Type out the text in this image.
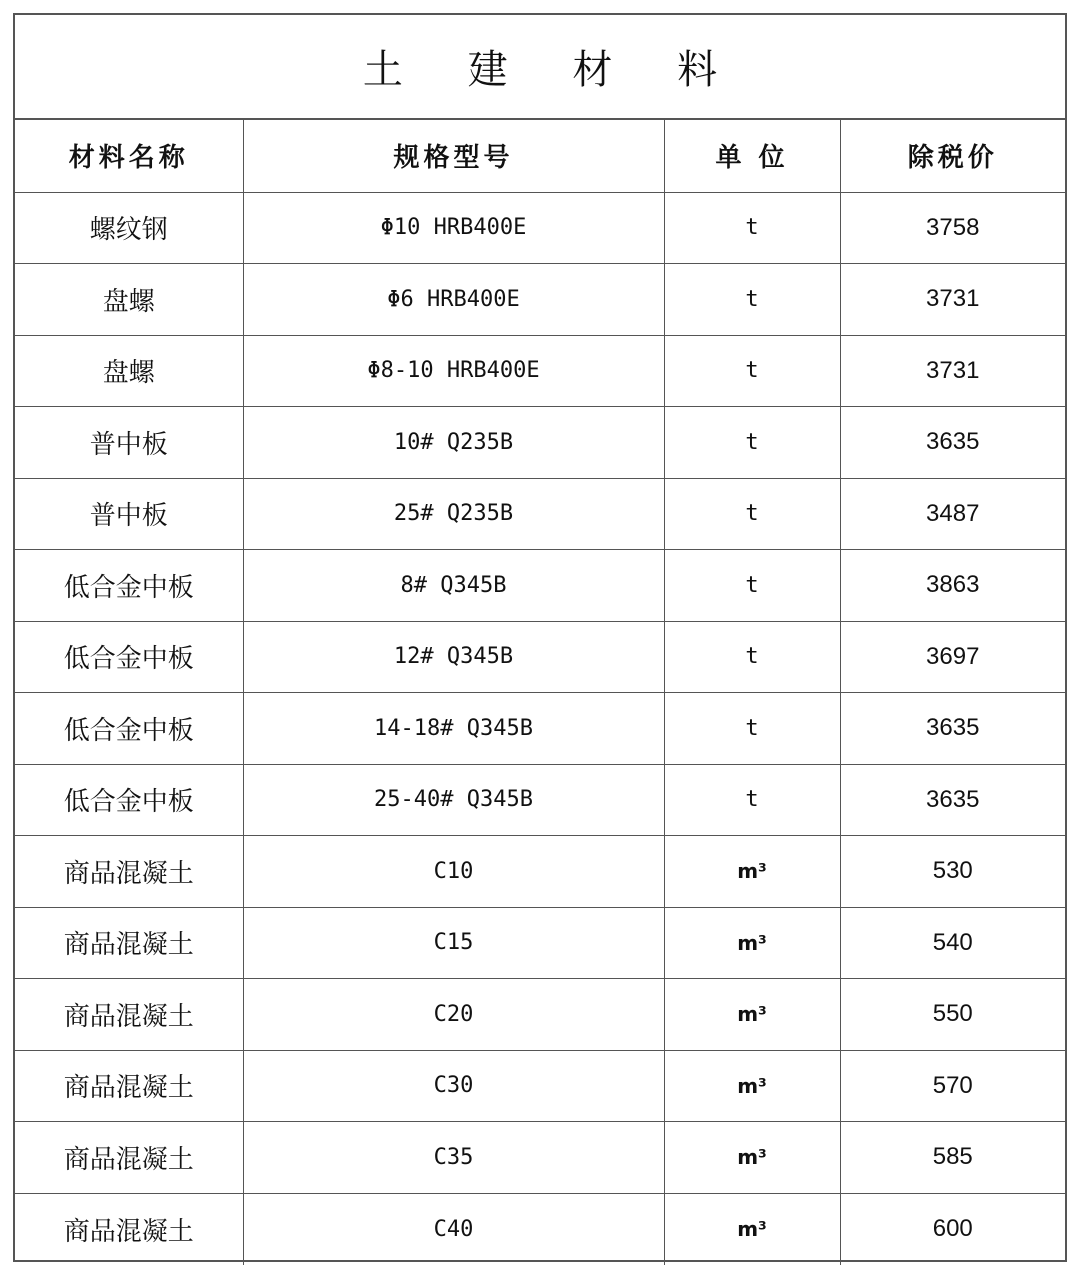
土 建 材 料
材料名称	规格型号	单 位	除税价
螺纹钢	Φ10 HRB400E	t	3758
盘螺	Φ6 HRB400E	t	3731
盘螺	Φ8-10 HRB400E	t	3731
普中板	10# Q235B	t	3635
普中板	25# Q235B	t	3487
低合金中板	8# Q345B	t	3863
低合金中板	12# Q345B	t	3697
低合金中板	14-18# Q345B	t	3635
低合金中板	25-40# Q345B	t	3635
商品混凝土	C10	m³	530
商品混凝土	C15	m³	540
商品混凝土	C20	m³	550
商品混凝土	C30	m³	570
商品混凝土	C35	m³	585
商品混凝土	C40	m³	600
